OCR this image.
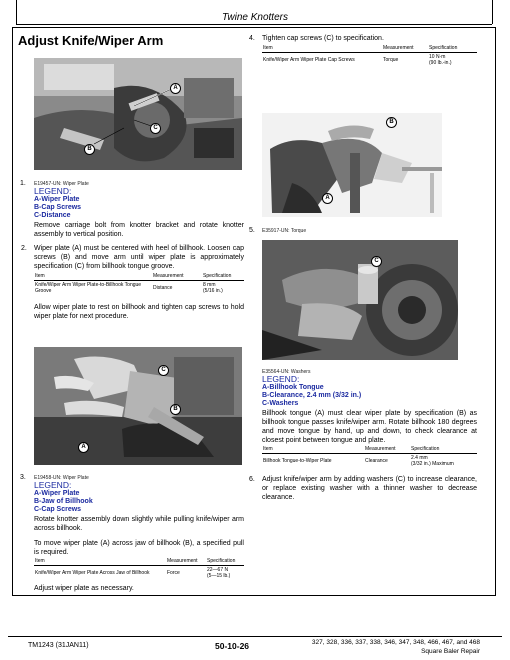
Twine Knotters
Adjust Knife/Wiper Arm
A
C
B
E19457-UN: Wiper Plate
LEGEND:
A-Wiper Plate
B-Cap Screws
C-Distance
1.
Remove carriage bolt from knotter bracket and rotate knotter assembly to vertical position.
2. Wiper plate (A) must be centered with heel of billhook. Loosen cap screws (B) and move arm until wiper plate is approximately specification (C) from billhook tongue groove.
Item	Measurement	Specification
Knife/Wiper Arm Wiper Plate-to-Billhook Tongue Groove	Distance	8 mm
(5/16 in.)
Allow wiper plate to rest on billhook and tighten cap screws to hold wiper plate for next procedure.
C
B
A
E19458-UN: Wiper Plate
3.
LEGEND:
A-Wiper Plate
B-Jaw of Billhook
C-Cap Screws
Rotate knotter assembly down slightly while pulling knife/wiper arm across billhook.
To move wiper plate (A) across jaw of billhook (B), a specified pull is required.
Item	Measurement	Specification
Knife/Wiper Arm Wiper Plate Across Jaw of Billhook	Force	22—67 N
(5—15 lb.)
Adjust wiper plate as necessary.
4. Tighten cap screws (C) to specification.
Item	Measurement	Specification
Knife/Wiper Arm Wiper Plate Cap Screws	Torque	10 N·m
(90 lb.-in.)
B
A
5. E35917-UN: Torque
C
E35564-UN: Washers
LEGEND:
A-Billhook Tongue
B-Clearance, 2.4 mm (3/32 in.)
C-Washers
Billhook tongue (A) must clear wiper plate by specification (B) as billhook tongue passes knife/wiper arm. Rotate billhook 180 degrees and move tongue by hand, up and down, to check clearance at closest point between tongue and plate.
Item	Measurement	Specification
Billhook Tongue-to-Wiper Plate	Clearance	2.4 mm
(3/32 in.) Maximum
6. Adjust knife/wiper arm by adding washers (C) to increase clearance, or replace existing washer with a thinner washer to decrease clearance.
TM1243 (31JAN11)	50-10-26	327, 328, 336, 337, 338, 346, 347, 348, 466, 467, and 468
Square Baler Repair
